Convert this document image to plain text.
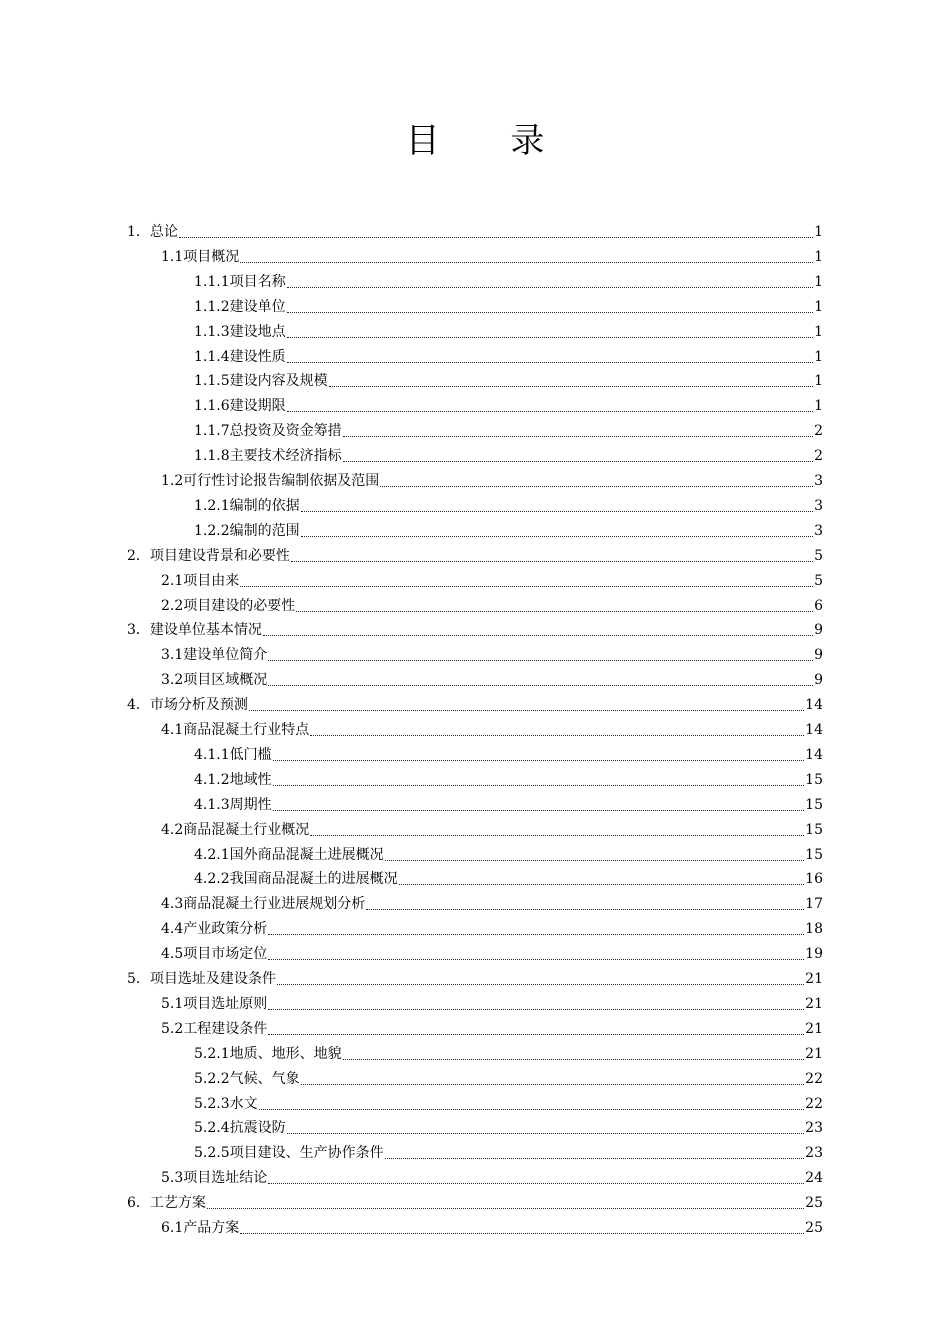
目 录
1． 总论	1
1.1 项目概况	1
1.1.1 项目名称	1
1.1.2 建设单位	1
1.1.3 建设地点	1
1.1.4 建设性质	1
1.1.5 建设内容及规模	1
1.1.6 建设期限	1
1.1.7 总投资及资金筹措	2
1.1.8 主要技术经济指标	2
1.2 可行性讨论报告编制依据及范围	3
1.2.1 编制的依据	3
1.2.2 编制的范围	3
2． 项目建设背景和必要性	5
2.1 项目由来	5
2.2 项目建设的必要性	6
3． 建设单位基本情况	9
3.1 建设单位简介	9
3.2 项目区域概况	9
4． 市场分析及预测	14
4.1 商品混凝土行业特点	14
4.1.1 低门槛	14
4.1.2 地域性	15
4.1.3 周期性	15
4.2 商品混凝土行业概况	15
4.2.1 国外商品混凝土进展概况	15
4.2.2 我国商品混凝土的进展概况	16
4.3 商品混凝土行业进展规划分析	17
4.4 产业政策分析	18
4.5 项目市场定位	19
5． 项目选址及建设条件	21
5.1 项目选址原则	21
5.2 工程建设条件	21
5.2.1 地质、地形、地貌	21
5.2.2 气候、气象	22
5.2.3 水文	22
5.2.4 抗震设防	23
5.2.5 项目建设、生产协作条件	23
5.3 项目选址结论	24
6． 工艺方案	25
6.1 产品方案	25
